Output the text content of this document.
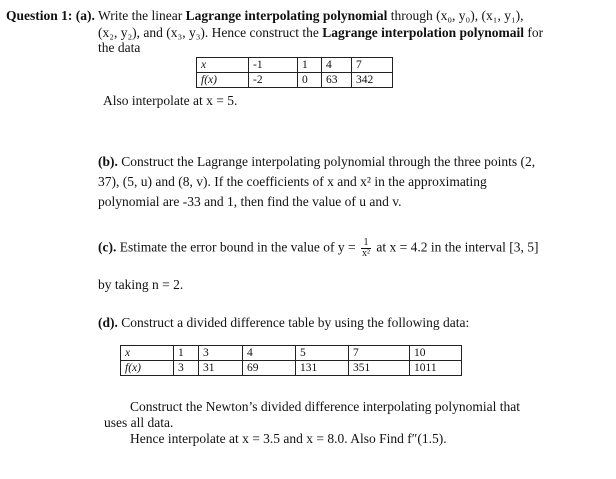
Question 1: (a). Write the linear Lagrange interpolating polynomial through (x₀, y₀), (x₁, y₁),
(x₂, y₂), and (x₃, y₃). Hence construct the Lagrange interpolation polynomail for
the data
x	-1	1	4	7
f(x)	-2	0	63	342
Also interpolate at x = 5.
(b). Construct the Lagrange interpolating polynomial through the three points (2,
37), (5, u) and (8, v). If the coefficients of x and x² in the approximating
polynomial are -33 and 1, then find the value of u and v.
(c). Estimate the error bound in the value of $y = \frac{1}{\text{x²}}$ at x = 4.2 in the interval [3, 5]
by taking n = 2.
(d). Construct a divided difference table by using the following data:
x	1	3	4	5	7	10
f(x)	3	31	69	131	351	1011
Construct the Newton’s divided difference interpolating polynomial that
uses all data.
Hence interpolate at x = 3.5 and x = 8.0. Also Find f″(1.5).
